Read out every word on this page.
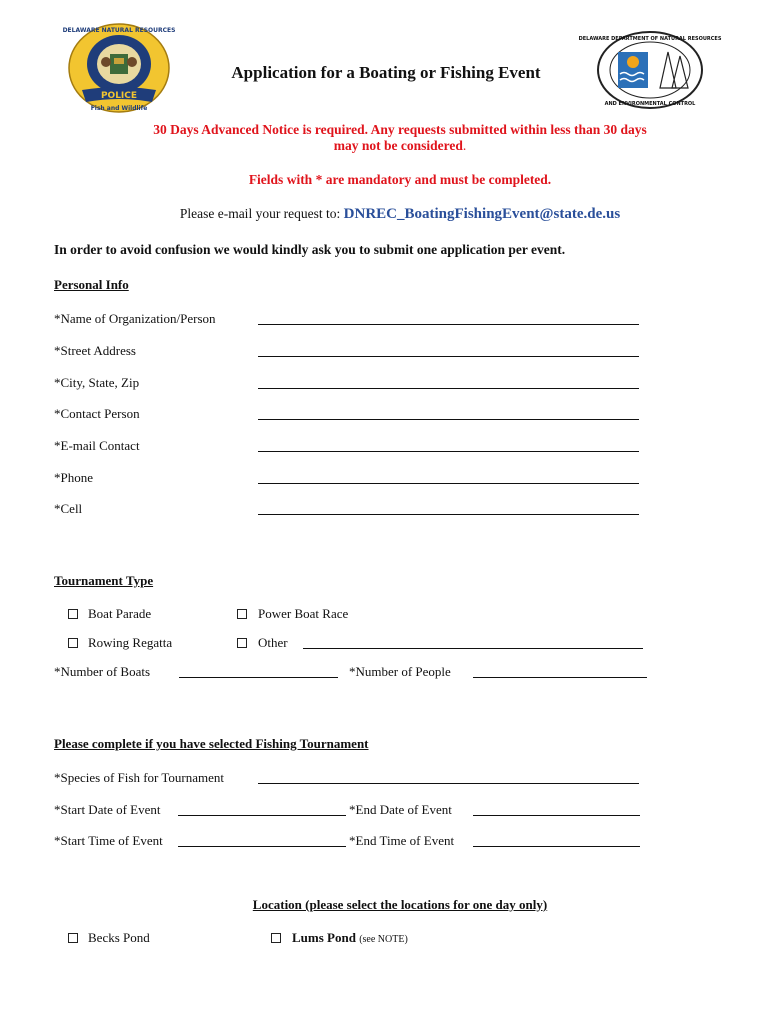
POLICE
Fish and Wildlife
DELAWARE NATURAL RESOURCES
Application for a Boating or Fishing Event
DELAWARE DEPARTMENT OF NATURAL RESOURCES
AND ENVIRONMENTAL CONTROL
30 Days Advanced Notice is required. Any requests submitted within less than 30 days
may not be considered.
Fields with * are mandatory and must be completed.
Please e-mail your request to: DNREC_BoatingFishingEvent@state.de.us
In order to avoid confusion we would kindly ask you to submit one application per event.
Personal Info
*Name of Organization/Person
*Street Address
*City, State, Zip
*Contact Person
*E-mail Contact
*Phone
*Cell
Tournament Type
Boat Parade	Power Boat Race
Rowing Regatta	Other
*Number of Boats	*Number of People
Please complete if you have selected Fishing Tournament
*Species of Fish for Tournament
*Start Date of Event	*End Date of Event
*Start Time of Event	*End Time of Event
Location (please select the locations for one day only)
Becks Pond	Lums Pond (see NOTE)
